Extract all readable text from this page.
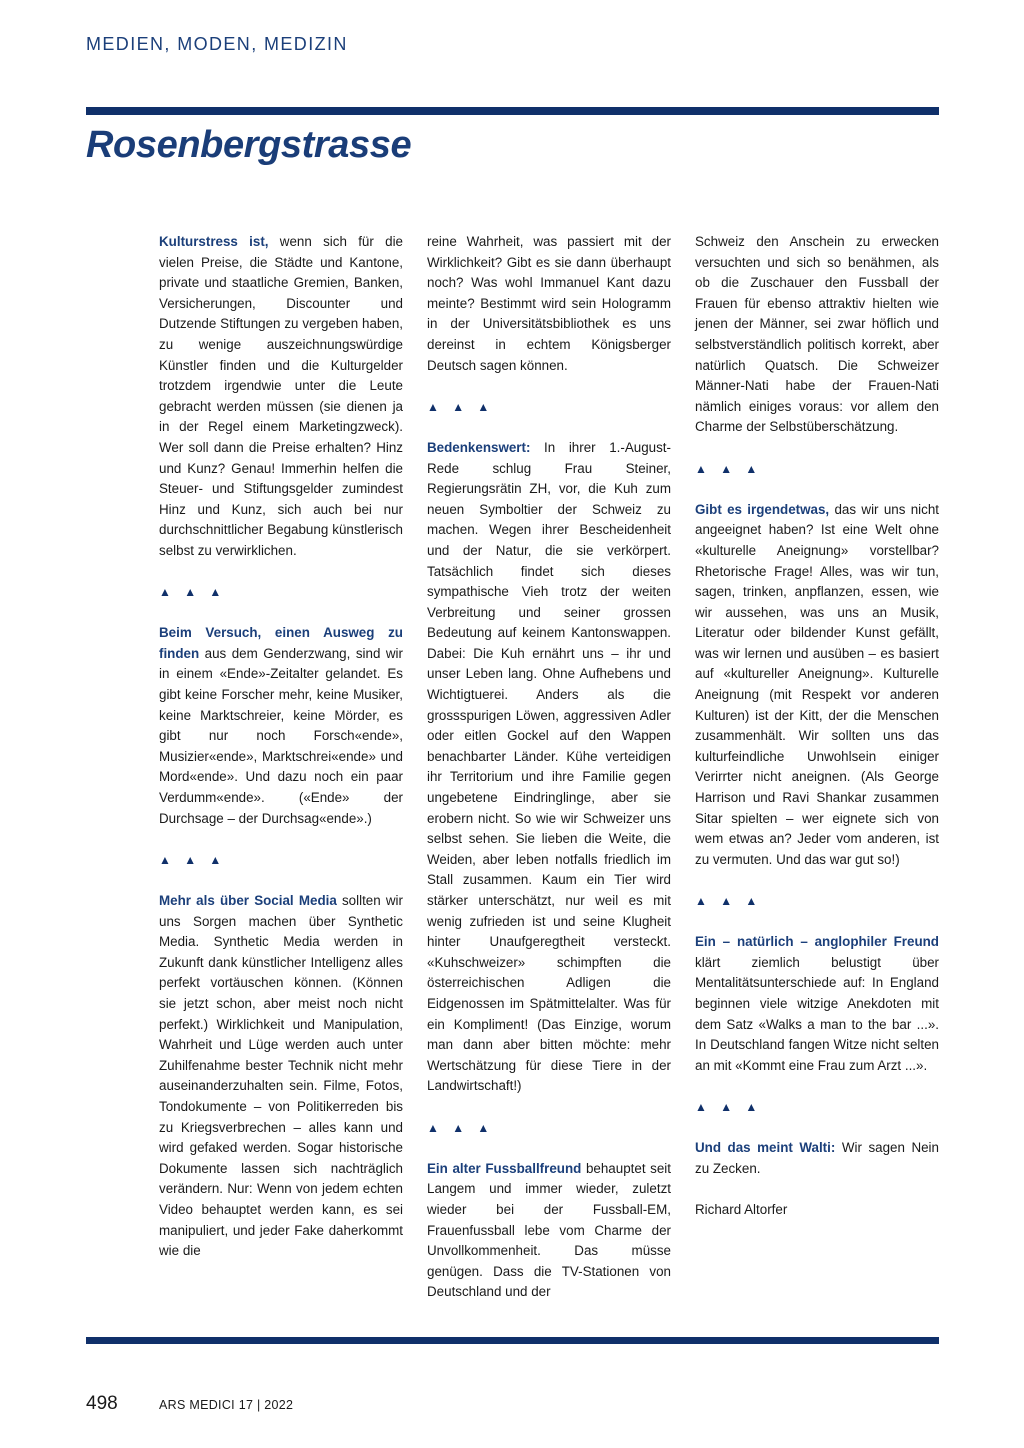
MEDIEN, MODEN, MEDIZIN
Rosenbergstrasse

Kulturstress ist, wenn sich für die vielen Preise, die Städte und Kantone, private und staatliche Gremien, Banken, Versicherungen, Discounter und Dutzende Stiftungen zu vergeben haben, zu wenige auszeichnungswürdige Künstler finden und die Kulturgelder trotzdem irgendwie unter die Leute gebracht werden müssen (sie dienen ja in der Regel einem Marketingzweck). Wer soll dann die Preise erhalten? Hinz und Kunz? Genau! Immerhin helfen die Steuer- und Stiftungsgelder zumindest Hinz und Kunz, sich auch bei nur durchschnittlicher Begabung künstlerisch selbst zu verwirklichen.

▲ ▲ ▲

Beim Versuch, einen Ausweg zu finden aus dem Genderzwang, sind wir in einem «Ende»-Zeitalter gelandet. Es gibt keine Forscher mehr, keine Musiker, keine Marktschreier, keine Mörder, es gibt nur noch Forsch«ende», Musizier«ende», Marktschrei«ende» und Mord«ende». Und dazu noch ein paar Verdumm«ende». («Ende» der Durchsage – der Durchsag«ende».)

▲ ▲ ▲

Mehr als über Social Media sollten wir uns Sorgen machen über Synthetic Media. Synthetic Media werden in Zukunft dank künstlicher Intelligenz alles perfekt vortäuschen können. (Können sie jetzt schon, aber meist noch nicht perfekt.) Wirklichkeit und Manipulation, Wahrheit und Lüge werden auch unter Zuhilfenahme bester Technik nicht mehr auseinanderzuhalten sein. Filme, Fotos, Tondokumente – von Politikerreden bis zu Kriegsverbrechen – alles kann und wird gefaked werden. Sogar historische Dokumente lassen sich nachträglich verändern. Nur: Wenn von jedem echten Video behauptet werden kann, es sei manipuliert, und jeder Fake daherkommt wie die

reine Wahrheit, was passiert mit der Wirklichkeit? Gibt es sie dann überhaupt noch? Was wohl Immanuel Kant dazu meinte? Bestimmt wird sein Hologramm in der Universitätsbibliothek es uns dereinst in echtem Königsberger Deutsch sagen können.

▲ ▲ ▲

Bedenkenswert: In ihrer 1.-August-Rede schlug Frau Steiner, Regierungsrätin ZH, vor, die Kuh zum neuen Symboltier der Schweiz zu machen. Wegen ihrer Bescheidenheit und der Natur, die sie verkörpert. Tatsächlich findet sich dieses sympathische Vieh trotz der weiten Verbreitung und seiner grossen Bedeutung auf keinem Kantonswappen. Dabei: Die Kuh ernährt uns – ihr und unser Leben lang. Ohne Aufhebens und Wichtigtuerei. Anders als die grossspurigen Löwen, aggressiven Adler oder eitlen Gockel auf den Wappen benachbarter Länder. Kühe verteidigen ihr Territorium und ihre Familie gegen ungebetene Eindringlinge, aber sie erobern nicht. So wie wir Schweizer uns selbst sehen. Sie lieben die Weite, die Weiden, aber leben notfalls friedlich im Stall zusammen. Kaum ein Tier wird stärker unterschätzt, nur weil es mit wenig zufrieden ist und seine Klugheit hinter Unaufgeregtheit versteckt. «Kuhschweizer» schimpften die österreichischen Adligen die Eidgenossen im Spätmittelalter. Was für ein Kompliment! (Das Einzige, worum man dann aber bitten möchte: mehr Wertschätzung für diese Tiere in der Landwirtschaft!)

▲ ▲ ▲

Ein alter Fussballfreund behauptet seit Langem und immer wieder, zuletzt wieder bei der Fussball-EM, Frauenfussball lebe vom Charme der Unvollkommenheit. Das müsse genügen. Dass die TV-Stationen von Deutschland und der

Schweiz den Anschein zu erwecken versuchten und sich so benähmen, als ob die Zuschauer den Fussball der Frauen für ebenso attraktiv hielten wie jenen der Männer, sei zwar höflich und selbstverständlich politisch korrekt, aber natürlich Quatsch. Die Schweizer Männer-Nati habe der Frauen-Nati nämlich einiges voraus: vor allem den Charme der Selbstüberschätzung.

▲ ▲ ▲

Gibt es irgendetwas, das wir uns nicht angeeignet haben? Ist eine Welt ohne «kulturelle Aneignung» vorstellbar? Rhetorische Frage! Alles, was wir tun, sagen, trinken, anpflanzen, essen, wie wir aussehen, was uns an Musik, Literatur oder bildender Kunst gefällt, was wir lernen und ausüben – es basiert auf «kultureller Aneignung». Kulturelle Aneignung (mit Respekt vor anderen Kulturen) ist der Kitt, der die Menschen zusammenhält. Wir sollten uns das kulturfeindliche Unwohlsein einiger Verirrter nicht aneignen. (Als George Harrison und Ravi Shankar zusammen Sitar spielten – wer eignete sich von wem etwas an? Jeder vom anderen, ist zu vermuten. Und das war gut so!)

▲ ▲ ▲

Ein – natürlich – anglophiler Freund klärt ziemlich belustigt über Mentalitätsunterschiede auf: In England beginnen viele witzige Anekdoten mit dem Satz «Walks a man to the bar ...». In Deutschland fangen Witze nicht selten an mit «Kommt eine Frau zum Arzt ...».

▲ ▲ ▲

Und das meint Walti: Wir sagen Nein zu Zecken.

Richard Altorfer

498	ARS MEDICI 17 | 2022
